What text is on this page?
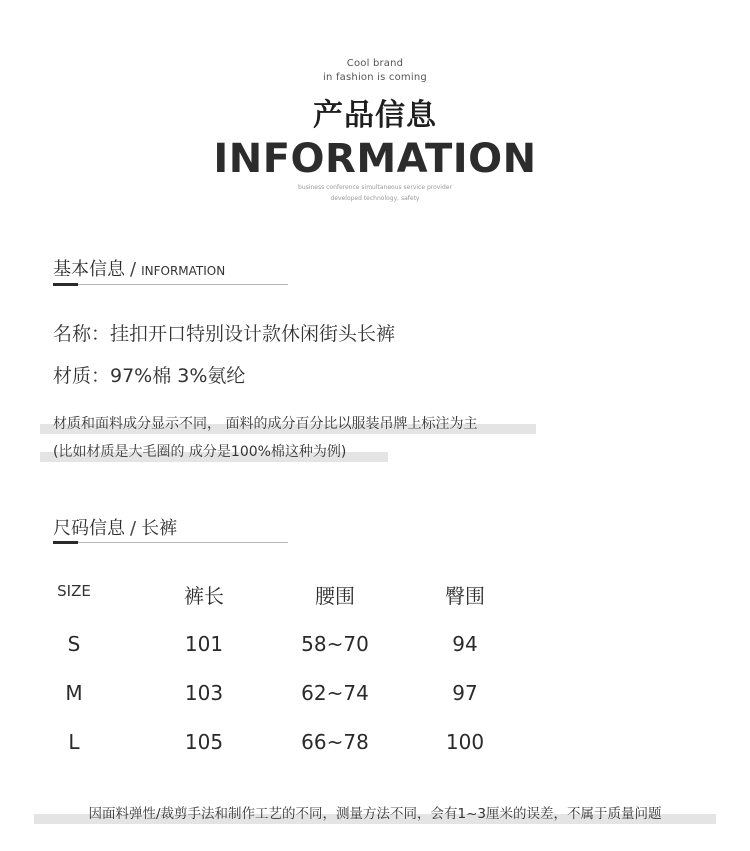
Cool brand
in fashion is coming
产品信息
INFORMATION
business conference simultaneous service provider
developed technology, safety
基本信息 / INFORMATION
名称：挂扣开口特别设计款休闲街头长裤
材质：97%棉 3%氨纶
材质和面料成分显示不同， 面料的成分百分比以服装吊牌上标注为主
(比如材质是大毛圈的 成分是100%棉这种为例)
尺码信息 / 长裤
SIZE	裤长	腰围	臀围
S	101	58~70	94
M	103	62~74	97
L	105	66~78	100
因面料弹性/裁剪手法和制作工艺的不同，测量方法不同，会有1~3厘米的误差，不属于质量问题
